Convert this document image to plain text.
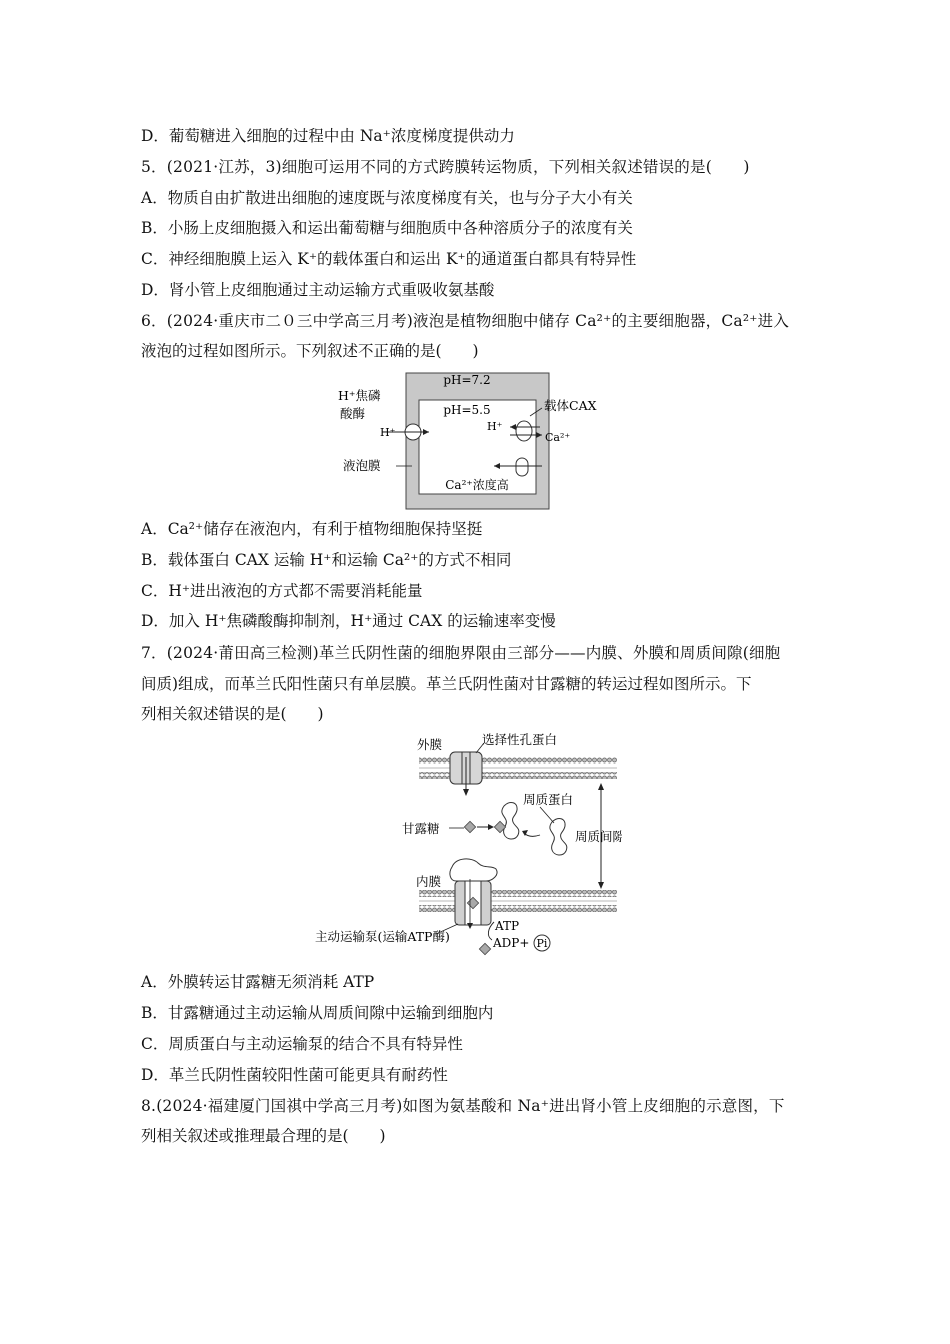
D．葡萄糖进入细胞的过程中由 Na⁺浓度梯度提供动力
5．(2021·江苏，3)细胞可运用不同的方式跨膜转运物质，下列相关叙述错误的是(　　)
A．物质自由扩散进出细胞的速度既与浓度梯度有关，也与分子大小有关
B．小肠上皮细胞摄入和运出葡萄糖与细胞质中各种溶质分子的浓度有关
C．神经细胞膜上运入 K⁺的载体蛋白和运出 K⁺的通道蛋白都具有特异性
D．肾小管上皮细胞通过主动运输方式重吸收氨基酸
6．(2024·重庆市二０三中学高三月考)液泡是植物细胞中储存 Ca²⁺的主要细胞器，Ca²⁺进入
液泡的过程如图所示。下列叙述不正确的是(　　)
pH=7.2
pH=5.5
H⁺焦磷
酸酶
H⁺
载体CAX
H⁺
Ca²⁺
液泡膜
Ca²⁺浓度高
A．Ca²⁺储存在液泡内，有利于植物细胞保持坚挺
B．载体蛋白 CAX 运输 H⁺和运输 Ca²⁺的方式不相同
C．H⁺进出液泡的方式都不需要消耗能量
D．加入 H⁺焦磷酸酶抑制剂，H⁺通过 CAX 的运输速率变慢
7．(2024·莆田高三检测)革兰氏阴性菌的细胞界限由三部分——内膜、外膜和周质间隙(细胞
间质)组成，而革兰氏阳性菌只有单层膜。革兰氏阴性菌对甘露糖的转运过程如图所示。下
列相关叙述错误的是(　　)
外膜	选择性孔蛋白
周质间隙
周质蛋白
甘露糖
内膜
主动运输泵(运输ATP酶)
ATP
ADP+ Pi
A．外膜转运甘露糖无须消耗 ATP
B．甘露糖通过主动运输从周质间隙中运输到细胞内
C．周质蛋白与主动运输泵的结合不具有特异性
D．革兰氏阴性菌较阳性菌可能更具有耐药性
8.(2024·福建厦门国祺中学高三月考)如图为氨基酸和 Na⁺进出肾小管上皮细胞的示意图，下
列相关叙述或推理最合理的是(　　)
